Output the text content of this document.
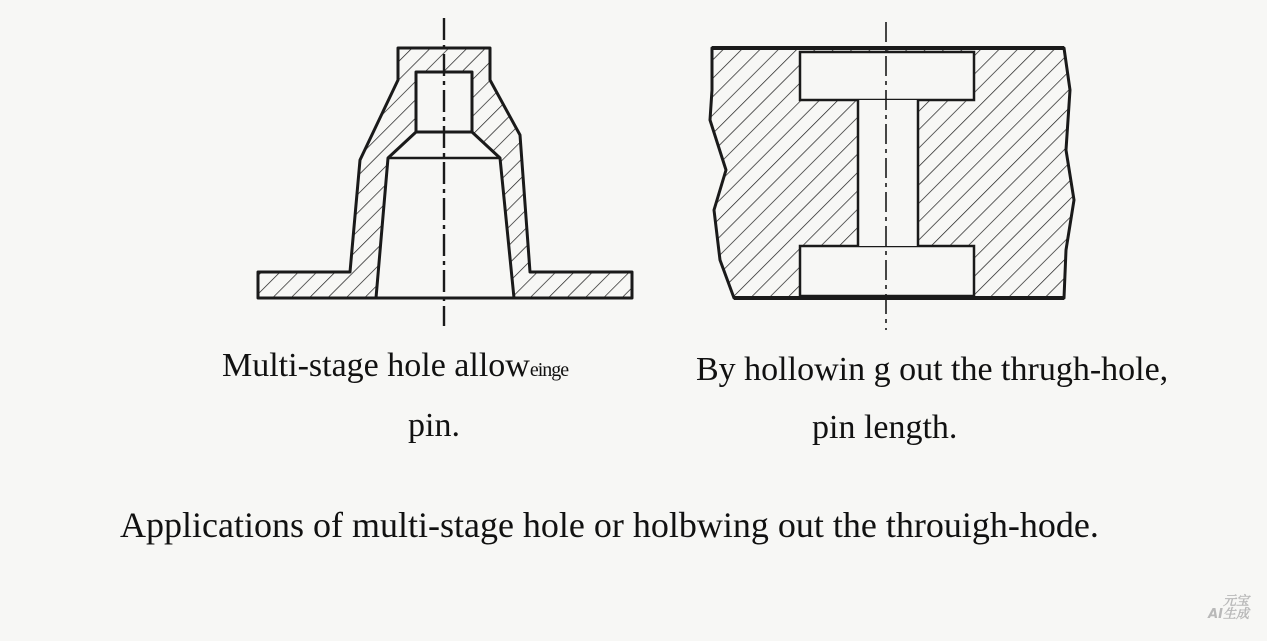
Multi-stage hole alloweinge
pin.
By hollowin g out the thrugh-hole,
pin length.
Applications of multi-stage hole or holbwing out the throuigh-hode.
元宝
AI生成
